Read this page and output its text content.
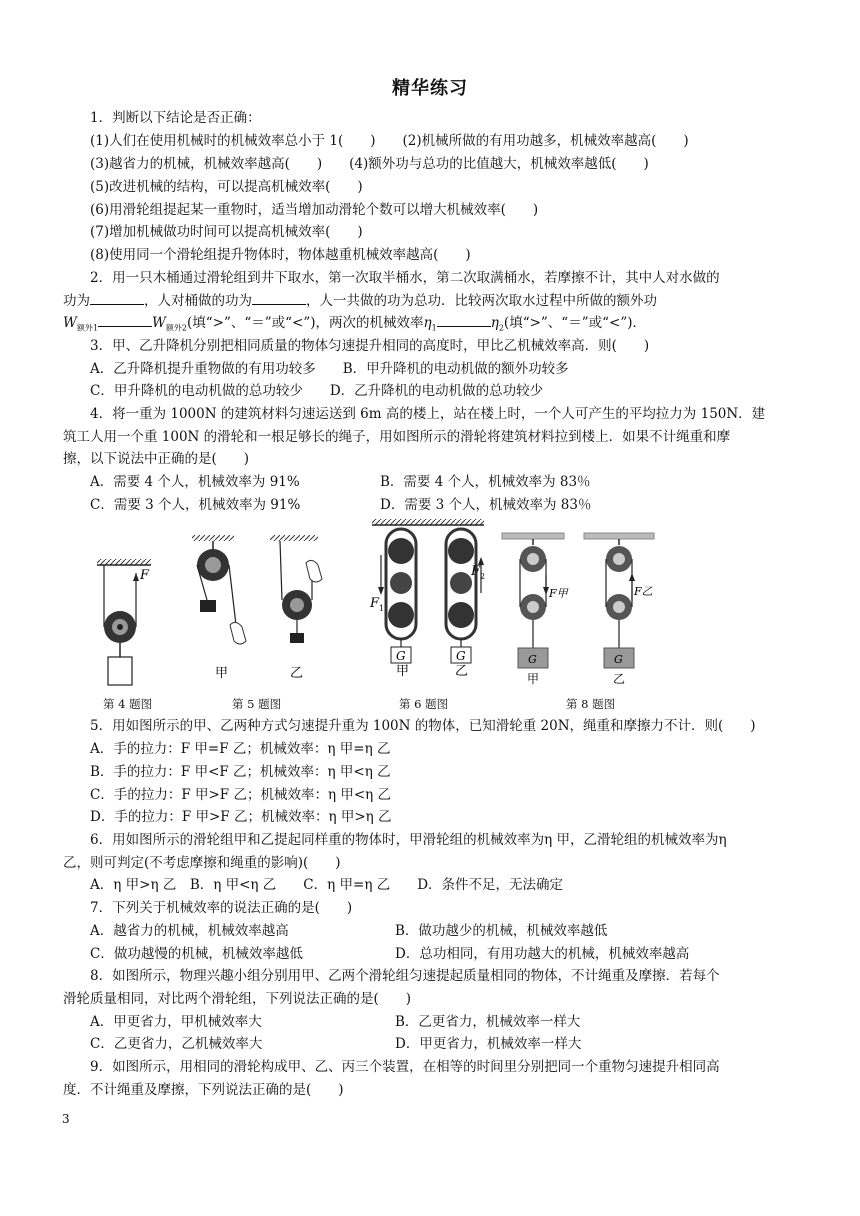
精华练习
1．判断以下结论是否正确：
(1)人们在使用机械时的机械效率总小于 1(　　)　　(2)机械所做的有用功越多，机械效率越高(　　)
(3)越省力的机械，机械效率越高(　　)　　(4)额外功与总功的比值越大，机械效率越低(　　)
(5)改进机械的结构，可以提高机械效率(　　)
(6)用滑轮组提起某一重物时，适当增加动滑轮个数可以增大机械效率(　　)
(7)增加机械做功时间可以提高机械效率(　　)
(8)使用同一个滑轮组提升物体时，物体越重机械效率越高(　　)
2．用一只木桶通过滑轮组到井下取水，第一次取半桶水，第二次取满桶水，若摩擦不计，其中人对水做的
功为	，人对桶做的功为	，人一共做的功为总功．比较两次取水过程中所做的额外功
$W_{额外1}$	$W_{额外2}$(填“>”、“＝”或“<”)，两次的机械效率$\eta_1$	$\eta_2$(填“>”、“＝”或“<”)．
3．甲、乙升降机分别把相同质量的物体匀速提升相同的高度时，甲比乙机械效率高．则(　　)
A．乙升降机提升重物做的有用功较多　　B．甲升降机的电动机做的额外功较多
C．甲升降机的电动机做的总功较少　　D．乙升降机的电动机做的总功较少
4．将一重为 1000N 的建筑材料匀速运送到 6m 高的楼上，站在楼上时，一个人可产生的平均拉力为 150N．建
筑工人用一个重 100N 的滑轮和一根足够长的绳子，用如图所示的滑轮将建筑材料拉到楼上．如果不计绳重和摩
擦，以下说法中正确的是(　　)
A．需要 4 个人，机械效率为 91%	B．需要 4 个人，机械效率为 83％
C．需要 3 个人，机械效率为 91%	D．需要 3 个人，机械效率为 83％
F
甲	乙
F 1
G
甲
F 2
G
乙
F甲
G
甲
F乙
G
乙
第 4 题图	第 5 题图	第 6 题图	第 8 题图
5．用如图所示的甲、乙两种方式匀速提升重为 100N 的物体，已知滑轮重 20N，绳重和摩擦力不计．则(　　)
A．手的拉力：F 甲=F 乙；机械效率：η 甲=η 乙
B．手的拉力：F 甲<F 乙；机械效率：η 甲<η 乙
C．手的拉力：F 甲>F 乙；机械效率：η 甲<η 乙
D．手的拉力：F 甲>F 乙；机械效率：η 甲>η 乙
6．用如图所示的滑轮组甲和乙提起同样重的物体时，甲滑轮组的机械效率为η 甲，乙滑轮组的机械效率为η
乙，则可判定(不考虑摩擦和绳重的影响)(　　)
A．η 甲>η 乙　B．η 甲<η 乙　　C．η 甲=η 乙　　D．条件不足，无法确定
7．下列关于机械效率的说法正确的是(　　)
A．越省力的机械，机械效率越高	B．做功越少的机械，机械效率越低
C．做功越慢的机械，机械效率越低	D．总功相同，有用功越大的机械，机械效率越高
8．如图所示，物理兴趣小组分别用甲、乙两个滑轮组匀速提起质量相同的物体，不计绳重及摩擦．若每个
滑轮质量相同，对比两个滑轮组，下列说法正确的是(　　)
A．甲更省力，甲机械效率大	B．乙更省力，机械效率一样大
C．乙更省力，乙机械效率大	D．甲更省力，机械效率一样大
9．如图所示，用相同的滑轮构成甲、乙、丙三个装置，在相等的时间里分别把同一个重物匀速提升相同高
度．不计绳重及摩擦，下列说法正确的是(　　)
3
